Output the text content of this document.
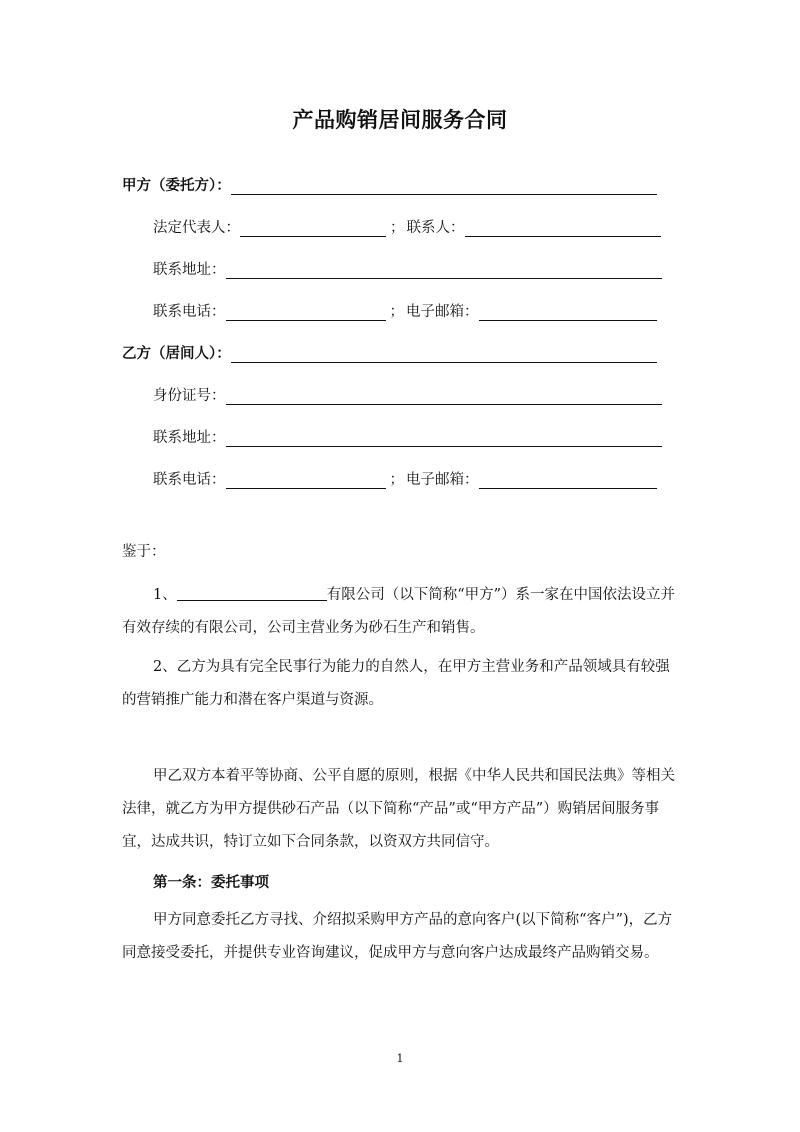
产品购销居间服务合同
甲方（委托方）：
法定代表人：	； 联系人：
联系地址：
联系电话：	； 电子邮箱：
乙方（居间人）：
身份证号：
联系地址：
联系电话：	； 电子邮箱：
鉴于：
1、	有限公司（以下简称“甲方”）系一家在中国依法设立并有效存续的有限公司，公司主营业务为砂石生产和销售。
2、乙方为具有完全民事行为能力的自然人，在甲方主营业务和产品领域具有较强的营销推广能力和潜在客户渠道与资源。
甲乙双方本着平等协商、公平自愿的原则，根据《中华人民共和国民法典》等相关法律，就乙方为甲方提供砂石产品（以下简称“产品”或“甲方产品”）购销居间服务事宜，达成共识，特订立如下合同条款，以资双方共同信守。
第一条：委托事项
甲方同意委托乙方寻找、介绍拟采购甲方产品的意向客户(以下简称“客户”)，乙方同意接受委托，并提供专业咨询建议，促成甲方与意向客户达成最终产品购销交易。
1
